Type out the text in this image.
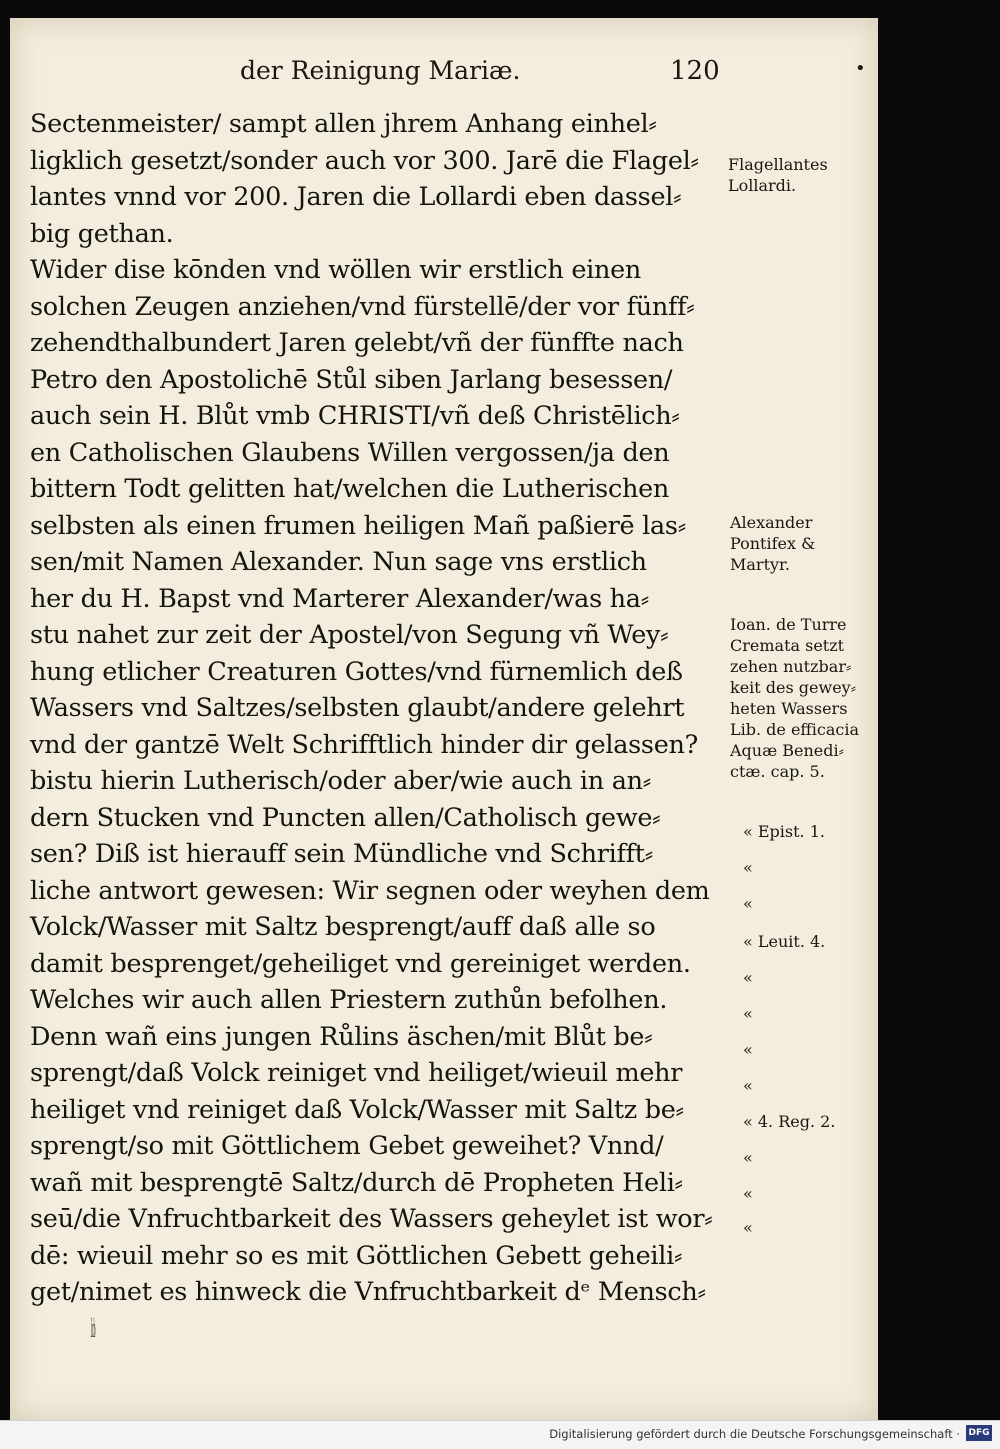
der Reinigung Mariæ.	120	•
Sectenmeister/ sampt allen jhrem Anhang einhel⸗
ligklich gesetzt/sonder auch vor 300. Jarē die Flagel⸗
lantes vnnd vor 200. Jaren die Lollardi eben dassel⸗
big gethan.
Wider dise kōnden vnd wöllen wir erstlich einen
solchen Zeugen anziehen/vnd fürstellē/der vor fünff⸗
zehendthalbundert Jaren gelebt/vñ der fünffte nach
Petro den Apostolichē Stůl siben Jarlang besessen/
auch sein H. Blůt vmb CHRISTI/vñ deß Christēlich⸗
en Catholischen Glaubens Willen vergossen/ja den
bittern Todt gelitten hat/welchen die Lutherischen
selbsten als einen frumen heiligen Mañ paßierē las⸗
sen/mit Namen Alexander. Nun sage vns erstlich
her du H. Bapst vnd Marterer Alexander/was ha⸗
stu nahet zur zeit der Apostel/von Segung vñ Wey⸗
hung etlicher Creaturen Gottes/vnd fürnemlich deß
Wassers vnd Saltzes/selbsten glaubt/andere gelehrt
vnd der gantzē Welt Schrifftlich hinder dir gelassen?
bistu hierin Lutherisch/oder aber/wie auch in an⸗
dern Stucken vnd Puncten allen/Catholisch gewe⸗
sen? Diß ist hierauff sein Mündliche vnd Schrifft⸗
liche antwort gewesen: Wir segnen oder weyhen dem
Volck/Wasser mit Saltz besprengt/auff daß alle so
damit besprenget/geheiliget vnd gereiniget werden.
Welches wir auch allen Priestern zuthůn befolhen.
Denn wañ eins jungen Růlins äschen/mit Blůt be⸗
sprengt/daß Volck reiniget vnd heiliget/wieuil mehr
heiliget vnd reiniget daß Volck/Wasser mit Saltz be⸗
sprengt/so mit Göttlichem Gebet geweihet? Vnnd/
wañ mit besprengtē Saltz/durch dē Propheten Heli⸗
seū/die Vnfruchtbarkeit des Wassers geheylet ist wor⸗
dē: wieuil mehr so es mit Göttlichen Gebett geheili⸗
get/nimet es hinweck die Vnfruchtbarkeit dᵉ Mensch⸗
lich⸗
Flagellantes
Lollardi.
Alexander
Pontifex &
Martyr.
Ioan. de Turre
Cremata setzt
zehen nutzbar⸗
keit des gewey⸗
heten Wassers
Lib. de efficacia
Aquæ Benedi⸗
ctæ. cap. 5.
« Epist. 1.
«
«
« Leuit. 4.
«
«
«
«
« 4. Reg. 2.
«
«
«
Digitalisierung gefördert durch die Deutsche Forschungsgemeinschaft · DFG
